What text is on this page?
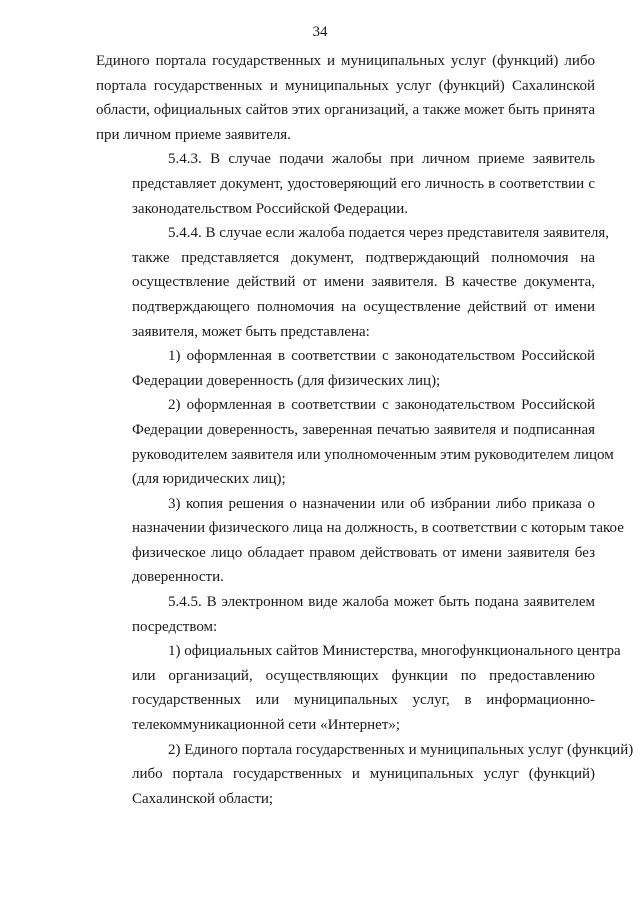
34
Единого портала государственных и муниципальных услуг (функций) либо
портала государственных и муниципальных услуг (функций) Сахалинской
области, официальных сайтов этих организаций, а также может быть принята
при личном приеме заявителя.
5.4.3. В случае подачи жалобы при личном приеме заявитель
представляет документ, удостоверяющий его личность в соответствии с
законодательством Российской Федерации.
5.4.4. В случае если жалоба подается через представителя заявителя,
также представляется документ, подтверждающий полномочия на
осуществление действий от имени заявителя. В качестве документа,
подтверждающего полномочия на осуществление действий от имени
заявителя, может быть представлена:
1) оформленная в соответствии с законодательством Российской
Федерации доверенность (для физических лиц);
2) оформленная в соответствии с законодательством Российской
Федерации доверенность, заверенная печатью заявителя и подписанная
руководителем заявителя или уполномоченным этим руководителем лицом
(для юридических лиц);
3) копия решения о назначении или об избрании либо приказа о
назначении физического лица на должность, в соответствии с которым такое
физическое лицо обладает правом действовать от имени заявителя без
доверенности.
5.4.5. В электронном виде жалоба может быть подана заявителем
посредством:
1) официальных сайтов Министерства, многофункционального центра
или организаций, осуществляющих функции по предоставлению
государственных или муниципальных услуг, в информационно-
телекоммуникационной сети «Интернет»;
2) Единого портала государственных и муниципальных услуг (функций)
либо портала государственных и муниципальных услуг (функций)
Сахалинской области;
